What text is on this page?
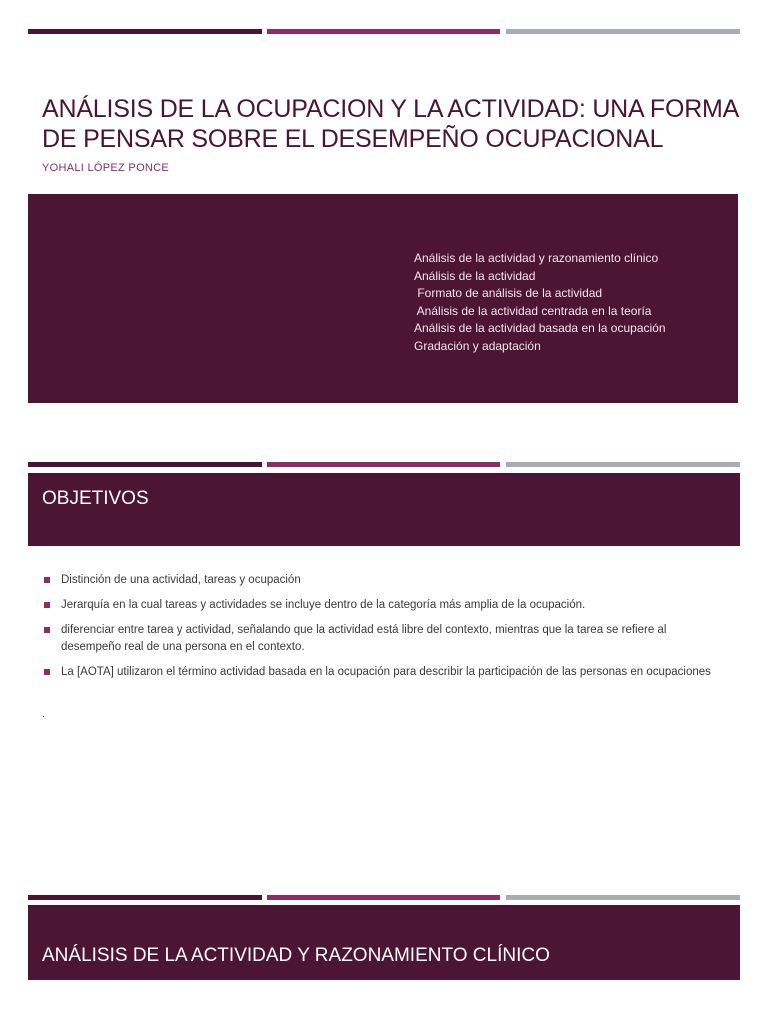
ANÁLISIS DE LA OCUPACION Y LA ACTIVIDAD: UNA FORMA DE PENSAR SOBRE EL DESEMPEÑO OCUPACIONAL
YOHALI LÓPEZ PONCE
Análisis de la actividad y razonamiento clínico
Análisis de la actividad
Formato de análisis de la actividad
Análisis de la actividad centrada en la teoría
Análisis de la actividad basada en la ocupación
Gradación y adaptación
OBJETIVOS
Distinción de una actividad, tareas y ocupación
Jerarquía en la cual tareas y actividades se incluye dentro de la categoría más amplia de la ocupación.
diferenciar entre tarea y actividad, señalando que la actividad está libre del contexto, mientras que la tarea se refiere al desempeño real de una persona en el contexto.
La [AOTA] utilizaron el término actividad basada en la ocupación para describir la participación de las personas en ocupaciones
.
ANÁLISIS DE LA ACTIVIDAD Y RAZONAMIENTO CLÍNICO
